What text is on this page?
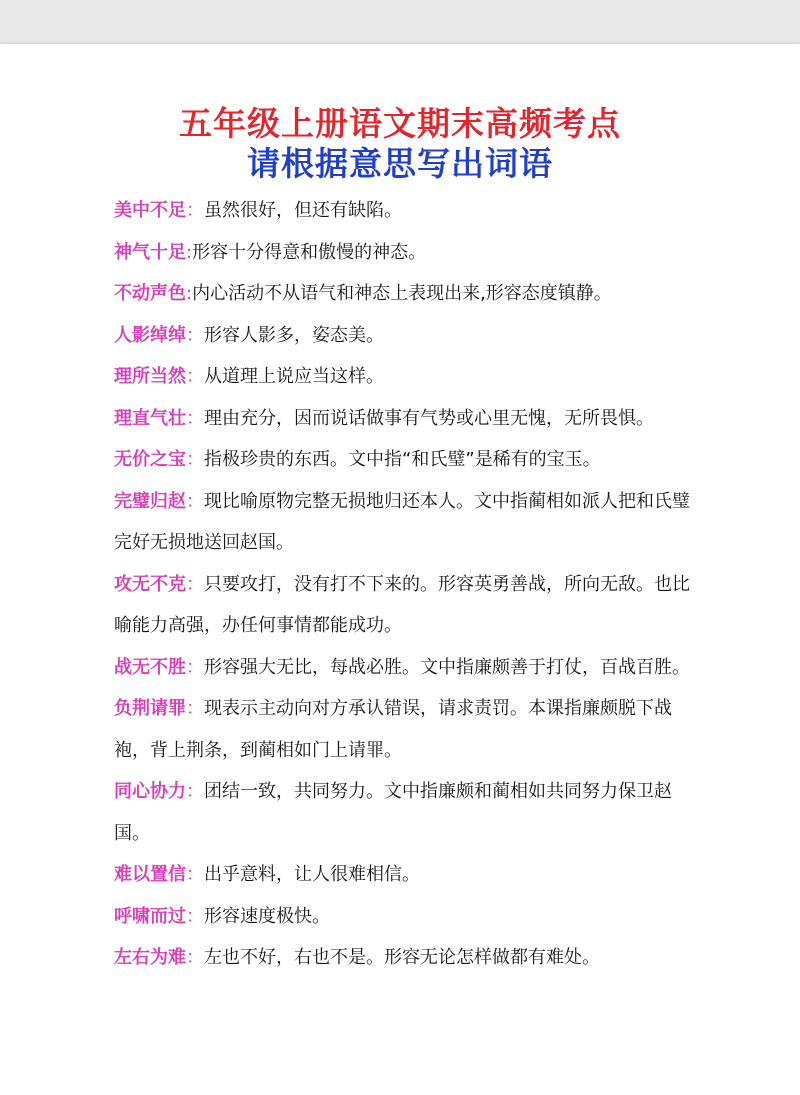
五年级上册语文期末高频考点
请根据意思写出词语
美中不足：虽然很好，但还有缺陷。
神气十足:形容十分得意和傲慢的神态。
不动声色:内心活动不从语气和神态上表现出来,形容态度镇静。
人影绰绰：形容人影多，姿态美。
理所当然：从道理上说应当这样。
理直气壮：理由充分，因而说话做事有气势或心里无愧，无所畏惧。
无价之宝：指极珍贵的东西。文中指“和氏璧”是稀有的宝玉。
完璧归赵：现比喻原物完整无损地归还本人。文中指蔺相如派人把和氏璧完好无损地送回赵国。
攻无不克：只要攻打，没有打不下来的。形容英勇善战，所向无敌。也比喻能力高强，办任何事情都能成功。
战无不胜：形容强大无比，每战必胜。文中指廉颇善于打仗，百战百胜。
负荆请罪：现表示主动向对方承认错误，请求责罚。本课指廉颇脱下战袍，背上荆条，到蔺相如门上请罪。
同心协力：团结一致，共同努力。文中指廉颇和蔺相如共同努力保卫赵国。
难以置信：出乎意料，让人很难相信。
呼啸而过：形容速度极快。
左右为难：左也不好，右也不是。形容无论怎样做都有难处。
